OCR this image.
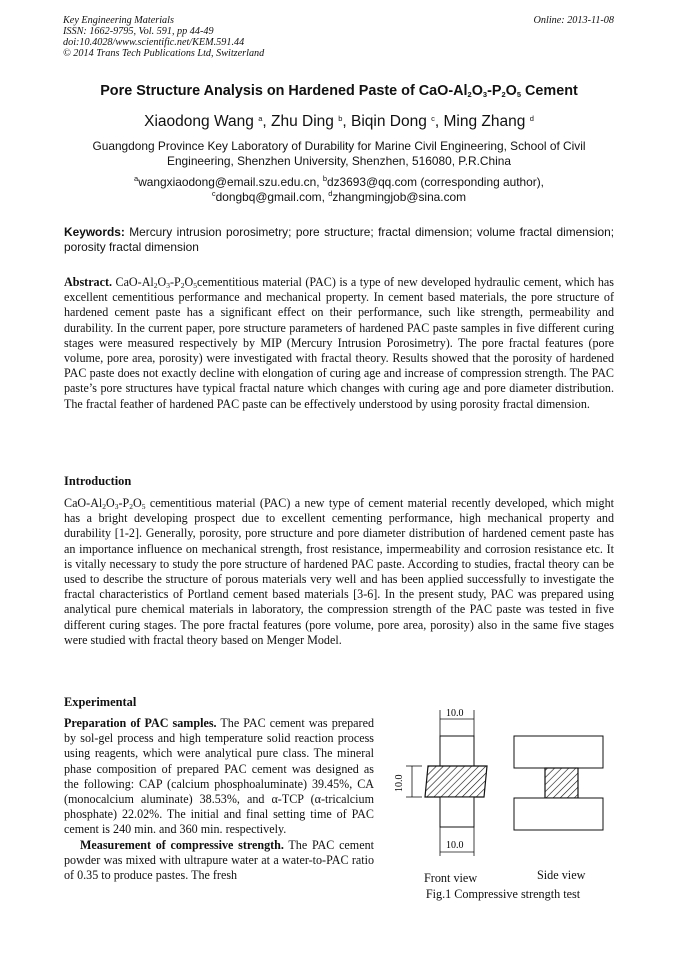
Key Engineering Materials
ISSN: 1662-9795, Vol. 591, pp 44-49
doi:10.4028/www.scientific.net/KEM.591.44
© 2014 Trans Tech Publications Ltd, Switzerland
Online: 2013-11-08
Pore Structure Analysis on Hardened Paste of CaO-$Al_2O_3-P_2O_5$ Cement
Xiaodong Wang $^a$, Zhu Ding $^b$, Biqin Dong $^c$, Ming Zhang $^d$
Guangdong Province Key Laboratory of Durability for Marine Civil Engineering, School of Civil Engineering, Shenzhen University, Shenzhen, 516080, P.R.China
$^a$wangxiaodong@email.szu.edu.cn, $^b$dz3693@qq.com (corresponding author),
$^c$dongbq@gmail.com, $^d$zhangmingjob@sina.com
Keywords: Mercury intrusion porosimetry; pore structure; fractal dimension; volume fractal dimension; porosity fractal dimension
Abstract. CaO-$Al_2O_3-P_2O_5cementitious$ material (PAC) is a type of new developed hydraulic cement, which has excellent cementitious performance and mechanical property. In cement based materials, the pore structure of hardened cement paste has a significant effect on their performance, such like strength, permeability and durability. In the current paper, pore structure parameters of hardened PAC paste samples in five different curing stages were measured respectively by MIP (Mercury Intrusion Porosimetry). The pore fractal features (pore volume, pore area, porosity) were investigated with fractal theory. Results showed that the porosity of hardened PAC paste does not exactly decline with elongation of curing age and increase of compression strength. The PAC paste’s pore structures have typical fractal nature which changes with curing age and pore diameter distribution. The fractal feather of hardened PAC paste can be effectively understood by using porosity fractal dimension.
Introduction
CaO-$Al_2O_3-P_2O_5$ cementitious material (PAC) a new type of cement material recently developed, which might has a bright developing prospect due to excellent cementing performance, high mechanical property and durability [1-2]. Generally, porosity, pore structure and pore diameter distribution of hardened cement paste has an importance influence on mechanical strength, frost resistance, impermeability and corrosion resistance etc. It is vitally necessary to study the pore structure of hardened PAC paste. According to studies, fractal theory can be used to describe the structure of porous materials very well and has been applied successfully to investigate the fractal characteristics of Portland cement based materials [3-6]. In the present study, PAC was prepared using analytical pure chemical materials in laboratory, the compression strength of the PAC paste was tested in five different curing stages. The pore fractal features (pore volume, pore area, porosity) also in the same five stages were studied with fractal theory based on Menger Model.
Experimental
Preparation of PAC samples. The PAC cement was prepared by sol-gel process and high temperature solid reaction process using reagents, which were analytical pure class. The mineral phase composition of prepared PAC cement was designed as the following: CAP (calcium phosphoaluminate) 39.45%, CA (monocalcium aluminate) 38.53%, and α-TCP (α-tricalcium phosphate) 22.02%. The initial and final setting time of PAC cement is 240 min. and 360 min. respectively.
Measurement of compressive strength. The PAC cement powder was mixed with ultrapure water at a water-to-PAC ratio of 0.35 to produce pastes. The fresh
10.0
10.0
10.0
Front view	Side view
Fig.1 Compressive strength test
